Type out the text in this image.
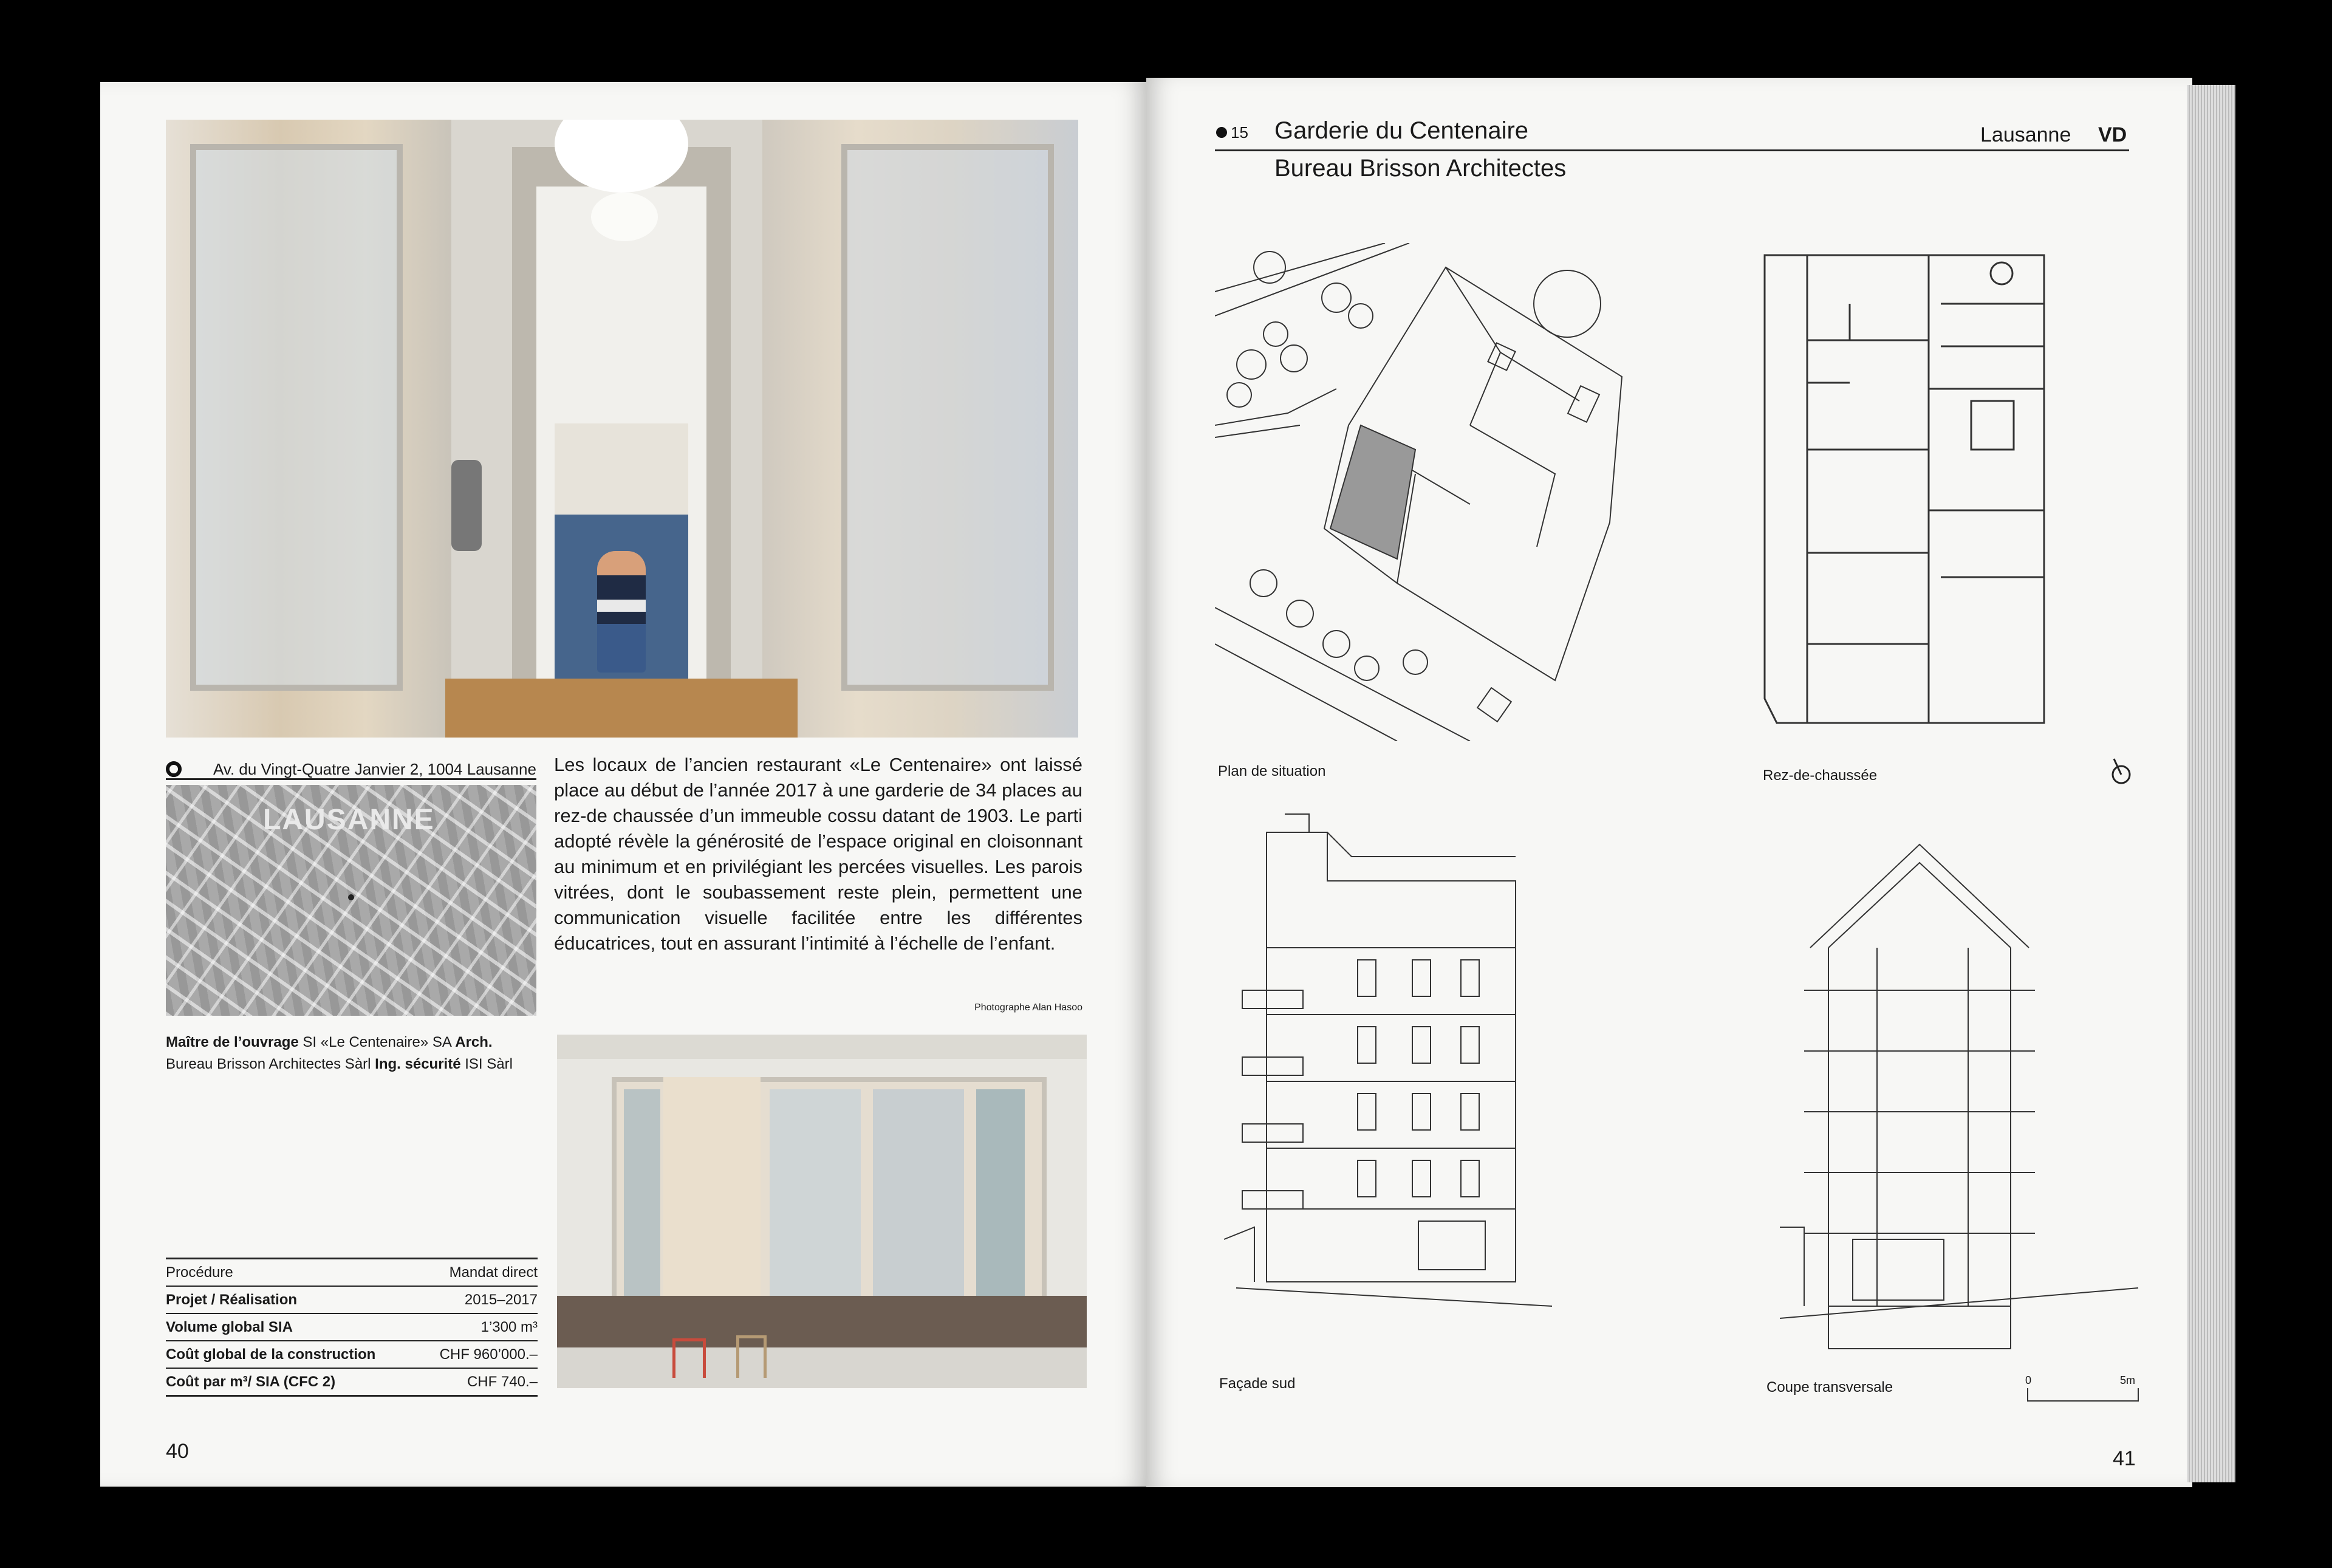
Av. du Vingt-Quatre Janvier 2, 1004 Lausanne
LAUSANNE
Maître de l’ouvrage SI «Le Centenaire» SA Arch. Bureau Brisson Architectes Sàrl Ing. sécurité ISI Sàrl
Les locaux de l’ancien restaurant «Le Centenaire» ont laissé place au début de l’année 2017 à une garderie de 34 places au rez-de chaussée d’un immeuble cossu datant de 1903. Le parti adopté révèle la générosité de l’espace original en cloisonnant au minimum et en privilégiant les percées visuelles. Les parois vitrées, dont le soubassement reste plein, permettent une communication visuelle facilitée entre les différentes éducatrices, tout en assurant l’intimité à l’échelle de l’enfant.
Photographe Alan Hasoo
Procédure	Mandat direct
Projet / Réalisation	2015–2017
Volume global SIA	1’300 m³
Coût global de la construction	CHF 960’000.–
Coût par m³/ SIA (CFC 2)	CHF 740.–
40
15 Garderie du Centenaire	Lausanne VD
Bureau Brisson Architectes
Plan de situation	Rez-de-chaussée
Façade sud	Coupe transversale	0	5m
41
